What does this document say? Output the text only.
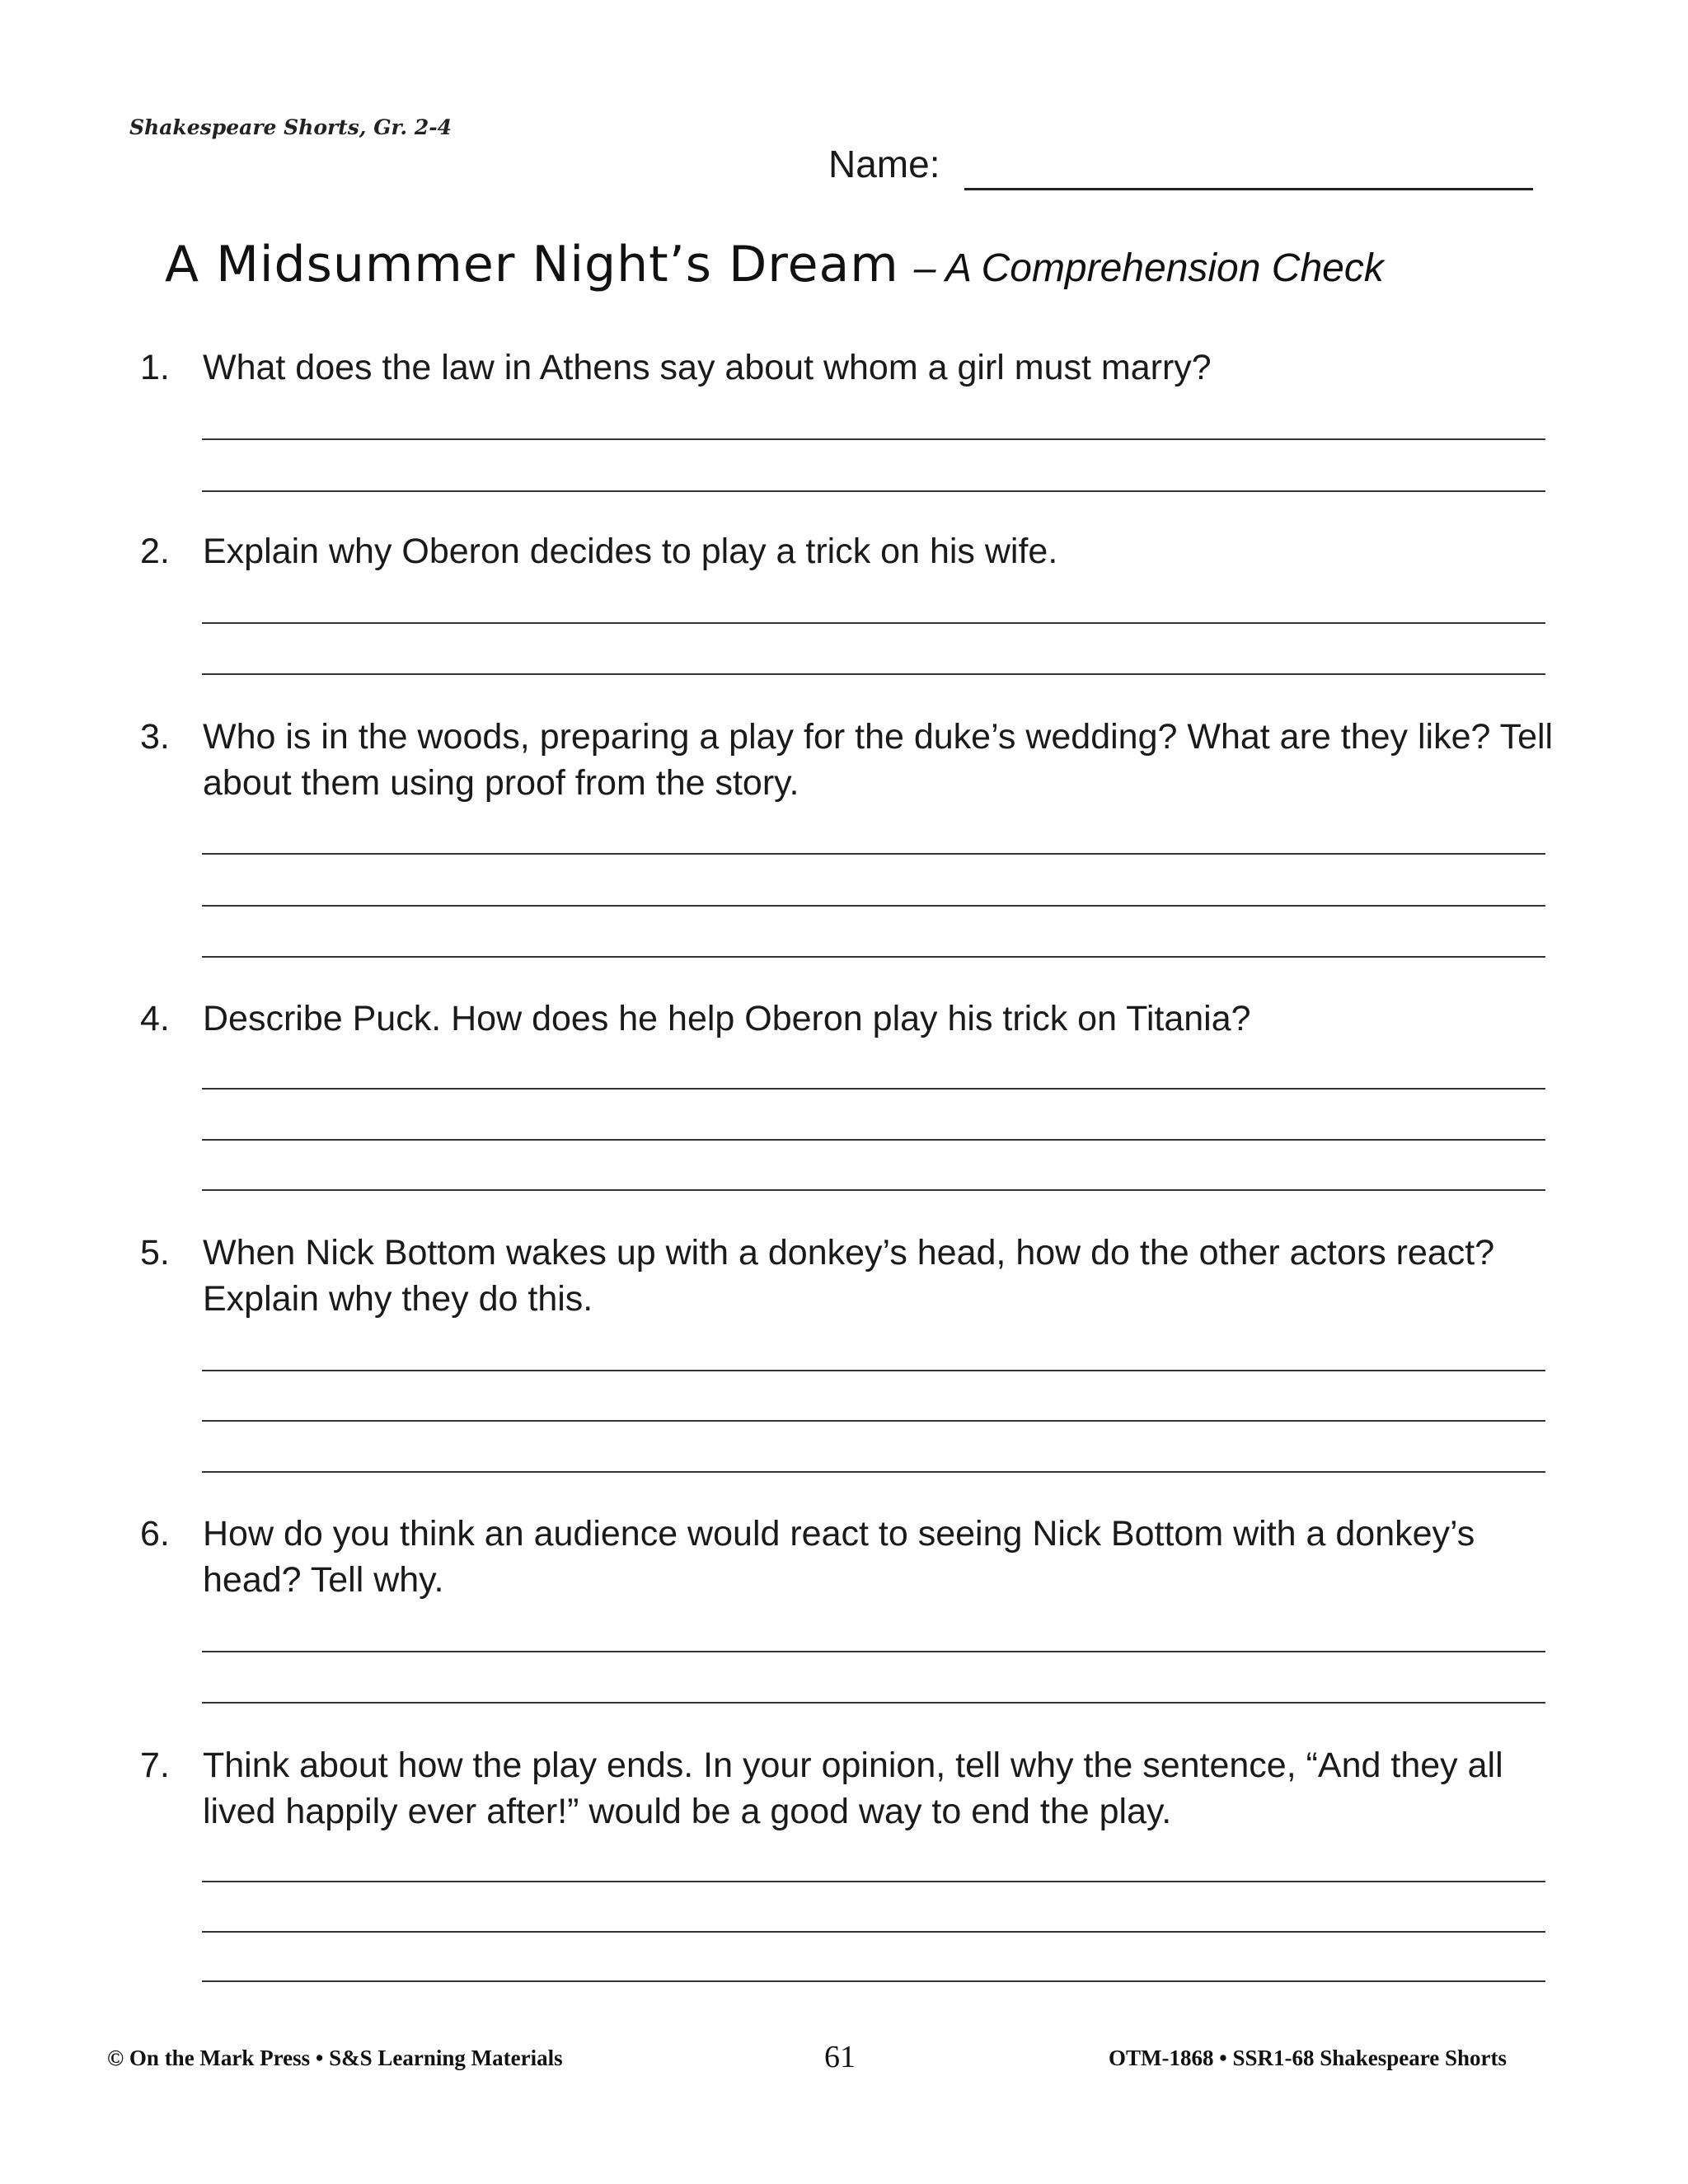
Shakespeare Shorts, Gr. 2-4
Name:
A Midsummer Night’s Dream – A Comprehension Check
1. What does the law in Athens say about whom a girl must marry?
2. Explain why Oberon decides to play a trick on his wife.
3. Who is in the woods, preparing a play for the duke’s wedding? What are they like? Tell about them using proof from the story.
4. Describe Puck. How does he help Oberon play his trick on Titania?
5. When Nick Bottom wakes up with a donkey’s head, how do the other actors react? Explain why they do this.
6. How do you think an audience would react to seeing Nick Bottom with a donkey’s head? Tell why.
7. Think about how the play ends. In your opinion, tell why the sentence, “And they all lived happily ever after!” would be a good way to end the play.
© On the Mark Press • S&S Learning Materials	61	OTM-1868 • SSR1-68 Shakespeare Shorts
